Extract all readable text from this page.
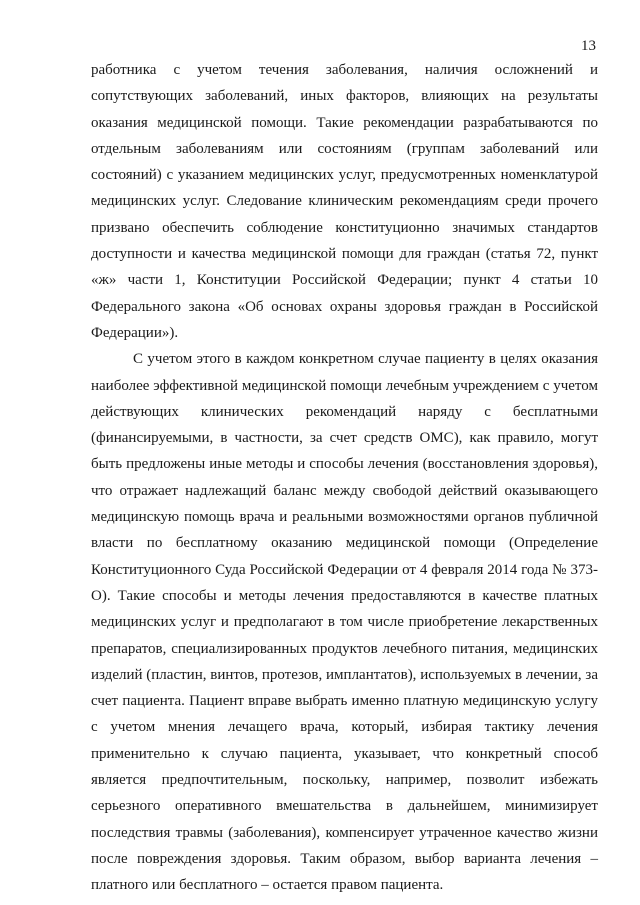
13

работника с учетом течения заболевания, наличия осложнений и сопутствующих заболеваний, иных факторов, влияющих на результаты оказания медицинской помощи. Такие рекомендации разрабатываются по отдельным заболеваниям или состояниям (группам заболеваний или состояний) с указанием медицинских услуг, предусмотренных номенклатурой медицинских услуг. Следование клиническим рекомендациям среди прочего призвано обеспечить соблюдение конституционно значимых стандартов доступности и качества медицинской помощи для граждан (статья 72, пункт «ж» части 1, Конституции Российской Федерации; пункт 4 статьи 10 Федерального закона «Об основах охраны здоровья граждан в Российской Федерации»).

С учетом этого в каждом конкретном случае пациенту в целях оказания наиболее эффективной медицинской помощи лечебным учреждением с учетом действующих клинических рекомендаций наряду с бесплатными (финансируемыми, в частности, за счет средств ОМС), как правило, могут быть предложены иные методы и способы лечения (восстановления здоровья), что отражает надлежащий баланс между свободой действий оказывающего медицинскую помощь врача и реальными возможностями органов публичной власти по бесплатному оказанию медицинской помощи (Определение Конституционного Суда Российской Федерации от 4 февраля 2014 года № 373-О). Такие способы и методы лечения предоставляются в качестве платных медицинских услуг и предполагают в том числе приобретение лекарственных препаратов, специализированных продуктов лечебного питания, медицинских изделий (пластин, винтов, протезов, имплантатов), используемых в лечении, за счет пациента. Пациент вправе выбрать именно платную медицинскую услугу с учетом мнения лечащего врача, который, избирая тактику лечения применительно к случаю пациента, указывает, что конкретный способ является предпочтительным, поскольку, например, позволит избежать серьезного оперативного вмешательства в дальнейшем, минимизирует последствия травмы (заболевания), компенсирует утраченное качество жизни после повреждения здоровья. Таким образом, выбор варианта лечения – платного или бесплатного – остается правом пациента.
